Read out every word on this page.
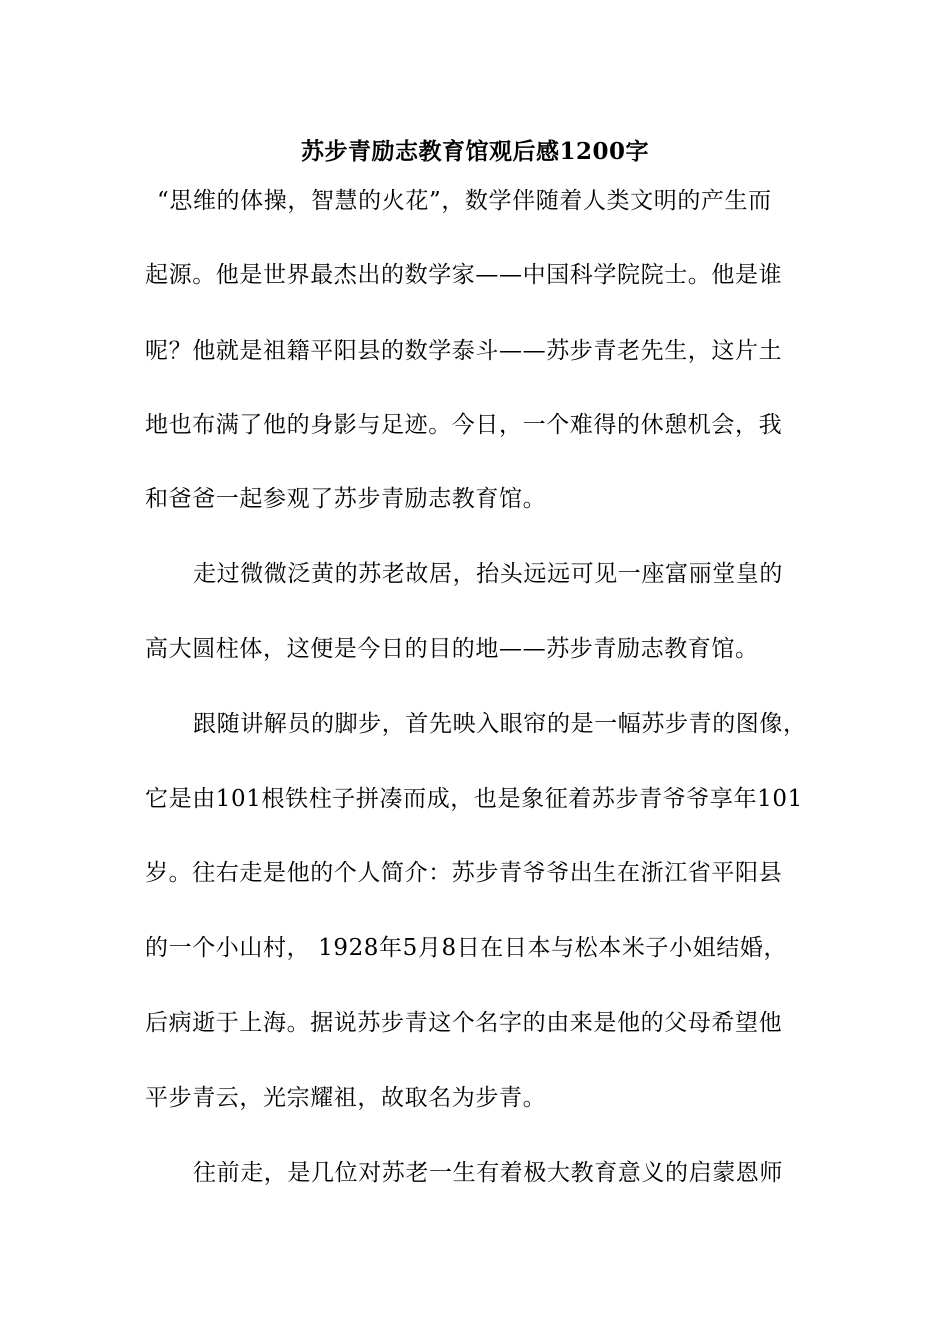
苏步青励志教育馆观后感1200字
“思维的体操，智慧的火花”，数学伴随着人类文明的产生而
起源。他是世界最杰出的数学家——中国科学院院士。他是谁
呢？他就是祖籍平阳县的数学泰斗——苏步青老先生，这片土
地也布满了他的身影与足迹。今日，一个难得的休憩机会，我
和爸爸一起参观了苏步青励志教育馆。
走过微微泛黄的苏老故居，抬头远远可见一座富丽堂皇的
高大圆柱体，这便是今日的目的地——苏步青励志教育馆。
跟随讲解员的脚步，首先映入眼帘的是一幅苏步青的图像，
它是由101根铁柱子拼凑而成，也是象征着苏步青爷爷享年101
岁。往右走是他的个人简介：苏步青爷爷出生在浙江省平阳县
的一个小山村， 1928年5月8日在日本与松本米子小姐结婚，
后病逝于上海。据说苏步青这个名字的由来是他的父母希望他
平步青云，光宗耀祖，故取名为步青。
往前走，是几位对苏老一生有着极大教育意义的启蒙恩师
